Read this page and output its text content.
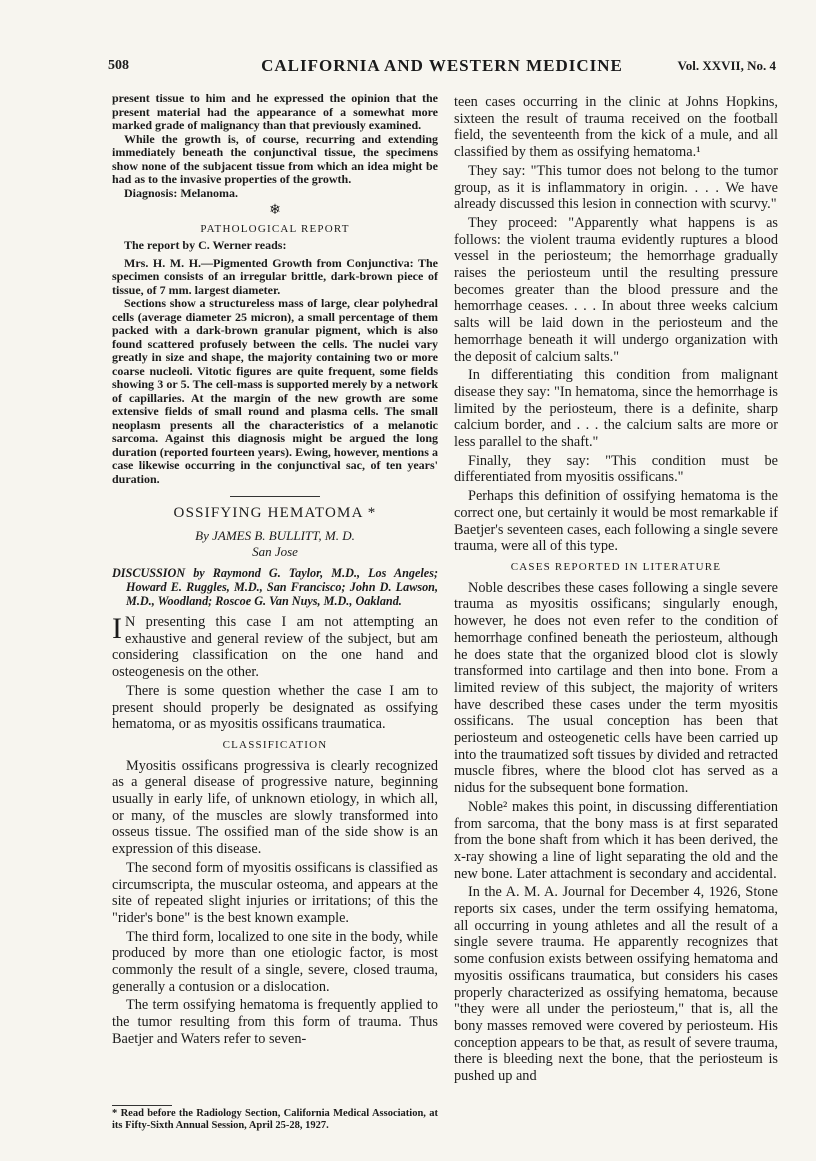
508	CALIFORNIA AND WESTERN MEDICINE	Vol. XXVII, No. 4

present tissue to him and he expressed the opinion that the present material had the appearance of a somewhat more marked grade of malignancy than that previously examined.

While the growth is, of course, recurring and extending immediately beneath the conjunctival tissue, the specimens show none of the subjacent tissue from which an idea might be had as to the invasive properties of the growth.

Diagnosis: Melanoma.

❄
PATHOLOGICAL REPORT

The report by C. Werner reads:

Mrs. H. M. H.—Pigmented Growth from Conjunctiva: The specimen consists of an irregular brittle, dark-brown piece of tissue, of 7 mm. largest diameter.

Sections show a structureless mass of large, clear polyhedral cells (average diameter 25 micron), a small percentage of them packed with a dark-brown granular pigment, which is also found scattered profusely between the cells. The nuclei vary greatly in size and shape, the majority containing two or more coarse nucleoli. Vitotic figures are quite frequent, some fields showing 3 or 5. The cell-mass is supported merely by a network of capillaries. At the margin of the new growth are some extensive fields of small round and plasma cells. The small neoplasm presents all the characteristics of a melanotic sarcoma. Against this diagnosis might be argued the long duration (reported fourteen years). Ewing, however, mentions a case likewise occurring in the conjunctival sac, of ten years' duration.

OSSIFYING HEMATOMA *
By JAMES B. BULLITT, M. D.
San Jose
DISCUSSION by Raymond G. Taylor, M.D., Los Angeles; Howard E. Ruggles, M.D., San Francisco; John D. Lawson, M.D., Woodland; Roscoe G. Van Nuys, M.D., Oakland.

I N presenting this case I am not attempting an exhaustive and general review of the subject, but am considering classification on the one hand and osteogenesis on the other.

There is some question whether the case I am to present should properly be designated as ossifying hematoma, or as myositis ossificans traumatica.

CLASSIFICATION

Myositis ossificans progressiva is clearly recognized as a general disease of progressive nature, beginning usually in early life, of unknown etiology, in which all, or many, of the muscles are slowly transformed into osseus tissue. The ossified man of the side show is an expression of this disease.

The second form of myositis ossificans is classified as circumscripta, the muscular osteoma, and appears at the site of repeated slight injuries or irritations; of this the "rider's bone" is the best known example.

The third form, localized to one site in the body, while produced by more than one etiologic factor, is most commonly the result of a single, severe, closed trauma, generally a contusion or a dislocation.

The term ossifying hematoma is frequently applied to the tumor resulting from this form of trauma. Thus Baetjer and Waters refer to seven-

* Read before the Radiology Section, California Medical Association, at its Fifty-Sixth Annual Session, April 25-28, 1927.

teen cases occurring in the clinic at Johns Hopkins, sixteen the result of trauma received on the football field, the seventeenth from the kick of a mule, and all classified by them as ossifying hematoma.¹

They say: "This tumor does not belong to the tumor group, as it is inflammatory in origin. . . . We have already discussed this lesion in connection with scurvy."

They proceed: "Apparently what happens is as follows: the violent trauma evidently ruptures a blood vessel in the periosteum; the hemorrhage gradually raises the periosteum until the resulting pressure becomes greater than the blood pressure and the hemorrhage ceases. . . . In about three weeks calcium salts will be laid down in the periosteum and the hemorrhage beneath it will undergo organization with the deposit of calcium salts."

In differentiating this condition from malignant disease they say: "In hematoma, since the hemorrhage is limited by the periosteum, there is a definite, sharp calcium border, and . . . the calcium salts are more or less parallel to the shaft."

Finally, they say: "This condition must be differentiated from myositis ossificans."

Perhaps this definition of ossifying hematoma is the correct one, but certainly it would be most remarkable if Baetjer's seventeen cases, each following a single severe trauma, were all of this type.

CASES REPORTED IN LITERATURE

Noble describes these cases following a single severe trauma as myositis ossificans; singularly enough, however, he does not even refer to the condition of hemorrhage confined beneath the periosteum, although he does state that the organized blood clot is slowly transformed into cartilage and then into bone. From a limited review of this subject, the majority of writers have described these cases under the term myositis ossificans. The usual conception has been that periosteum and osteogenetic cells have been carried up into the traumatized soft tissues by divided and retracted muscle fibres, where the blood clot has served as a nidus for the subsequent bone formation.

Noble² makes this point, in discussing differentiation from sarcoma, that the bony mass is at first separated from the bone shaft from which it has been derived, the x-ray showing a line of light separating the old and the new bone. Later attachment is secondary and accidental.

In the A. M. A. Journal for December 4, 1926, Stone reports six cases, under the term ossifying hematoma, all occurring in young athletes and all the result of a single severe trauma. He apparently recognizes that some confusion exists between ossifying hematoma and myositis ossificans traumatica, but considers his cases properly characterized as ossifying hematoma, because "they were all under the periosteum," that is, all the bony masses removed were covered by periosteum. His conception appears to be that, as result of severe trauma, there is bleeding next the bone, that the periosteum is pushed up and
